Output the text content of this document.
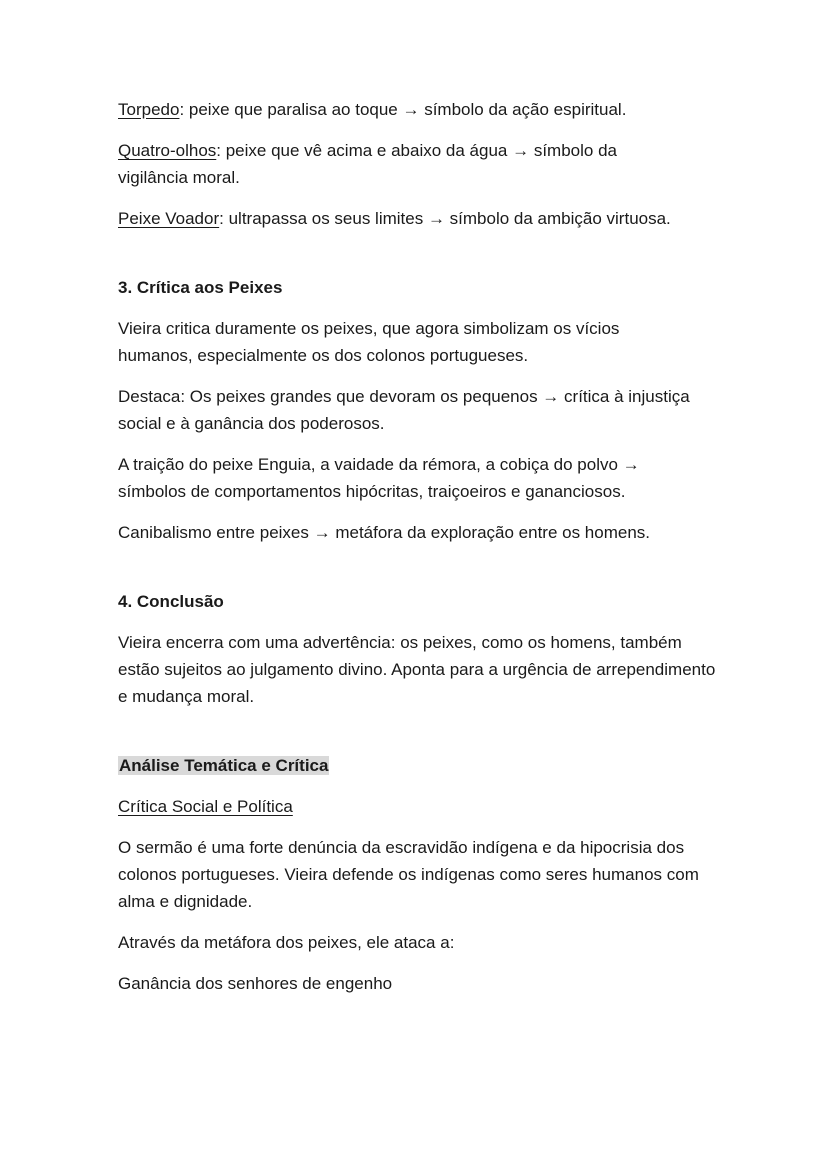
Torpedo: peixe que paralisa ao toque → símbolo da ação espiritual.

Quatro-olhos: peixe que vê acima e abaixo da água → símbolo da vigilância moral.

Peixe Voador: ultrapassa os seus limites → símbolo da ambição virtuosa.

3. Crítica aos Peixes

Vieira critica duramente os peixes, que agora simbolizam os vícios humanos, especialmente os dos colonos portugueses.

Destaca: Os peixes grandes que devoram os pequenos → crítica à injustiça social e à ganância dos poderosos.

A traição do peixe Enguia, a vaidade da rémora, a cobiça do polvo → símbolos de comportamentos hipócritas, traiçoeiros e gananciosos.

Canibalismo entre peixes → metáfora da exploração entre os homens.

4. Conclusão

Vieira encerra com uma advertência: os peixes, como os homens, também estão sujeitos ao julgamento divino. Aponta para a urgência de arrependimento e mudança moral.

Análise Temática e Crítica

Crítica Social e Política

O sermão é uma forte denúncia da escravidão indígena e da hipocrisia dos colonos portugueses. Vieira defende os indígenas como seres humanos com alma e dignidade.

Através da metáfora dos peixes, ele ataca a:

Ganância dos senhores de engenho
